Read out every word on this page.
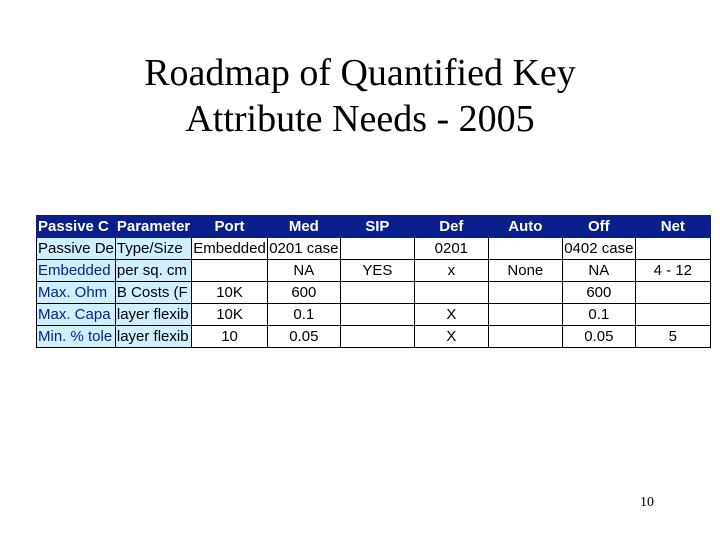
Roadmap of Quantified Key
Attribute Needs - 2005
Passive C	Parameter	Port	Med	SIP	Def	Auto	Off	Net
Passive De	Type/Size	Embedded	0201 case		0201		0402 case	
Embedded	per sq. cm		NA	YES	x	None	NA	4 - 12
Max. Ohm	B Costs (F	10K	600				600	
Max. Capa	layer flexib	10K	0.1		X		0.1	
Min. % tole	layer flexib	10	0.05		X		0.05	5
10
